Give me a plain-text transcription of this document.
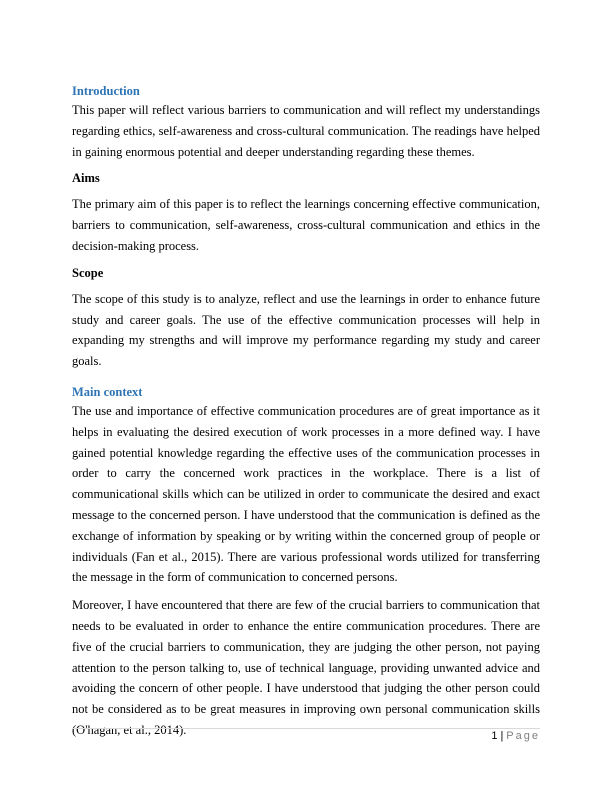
Introduction

This paper will reflect various barriers to communication and will reflect my understandings regarding ethics, self-awareness and cross-cultural communication. The readings have helped in gaining enormous potential and deeper understanding regarding these themes.

Aims

The primary aim of this paper is to reflect the learnings concerning effective communication, barriers to communication, self-awareness, cross-cultural communication and ethics in the decision-making process.

Scope

The scope of this study is to analyze, reflect and use the learnings in order to enhance future study and career goals. The use of the effective communication processes will help in expanding my strengths and will improve my performance regarding my study and career goals.

Main context

The use and importance of effective communication procedures are of great importance as it helps in evaluating the desired execution of work processes in a more defined way. I have gained potential knowledge regarding the effective uses of the communication processes in order to carry the concerned work practices in the workplace. There is a list of communicational skills which can be utilized in order to communicate the desired and exact message to the concerned person. I have understood that the communication is defined as the exchange of information by speaking or by writing within the concerned group of people or individuals (Fan et al., 2015). There are various professional words utilized for transferring the message in the form of communication to concerned persons.

Moreover, I have encountered that there are few of the crucial barriers to communication that needs to be evaluated in order to enhance the entire communication procedures. There are five of the crucial barriers to communication, they are judging the other person, not paying attention to the person talking to, use of technical language, providing unwanted advice and avoiding the concern of other people. I have understood that judging the other person could not be considered as to be great measures in improving own personal communication skills (O'hagan, et al., 2014).	1 | Page
